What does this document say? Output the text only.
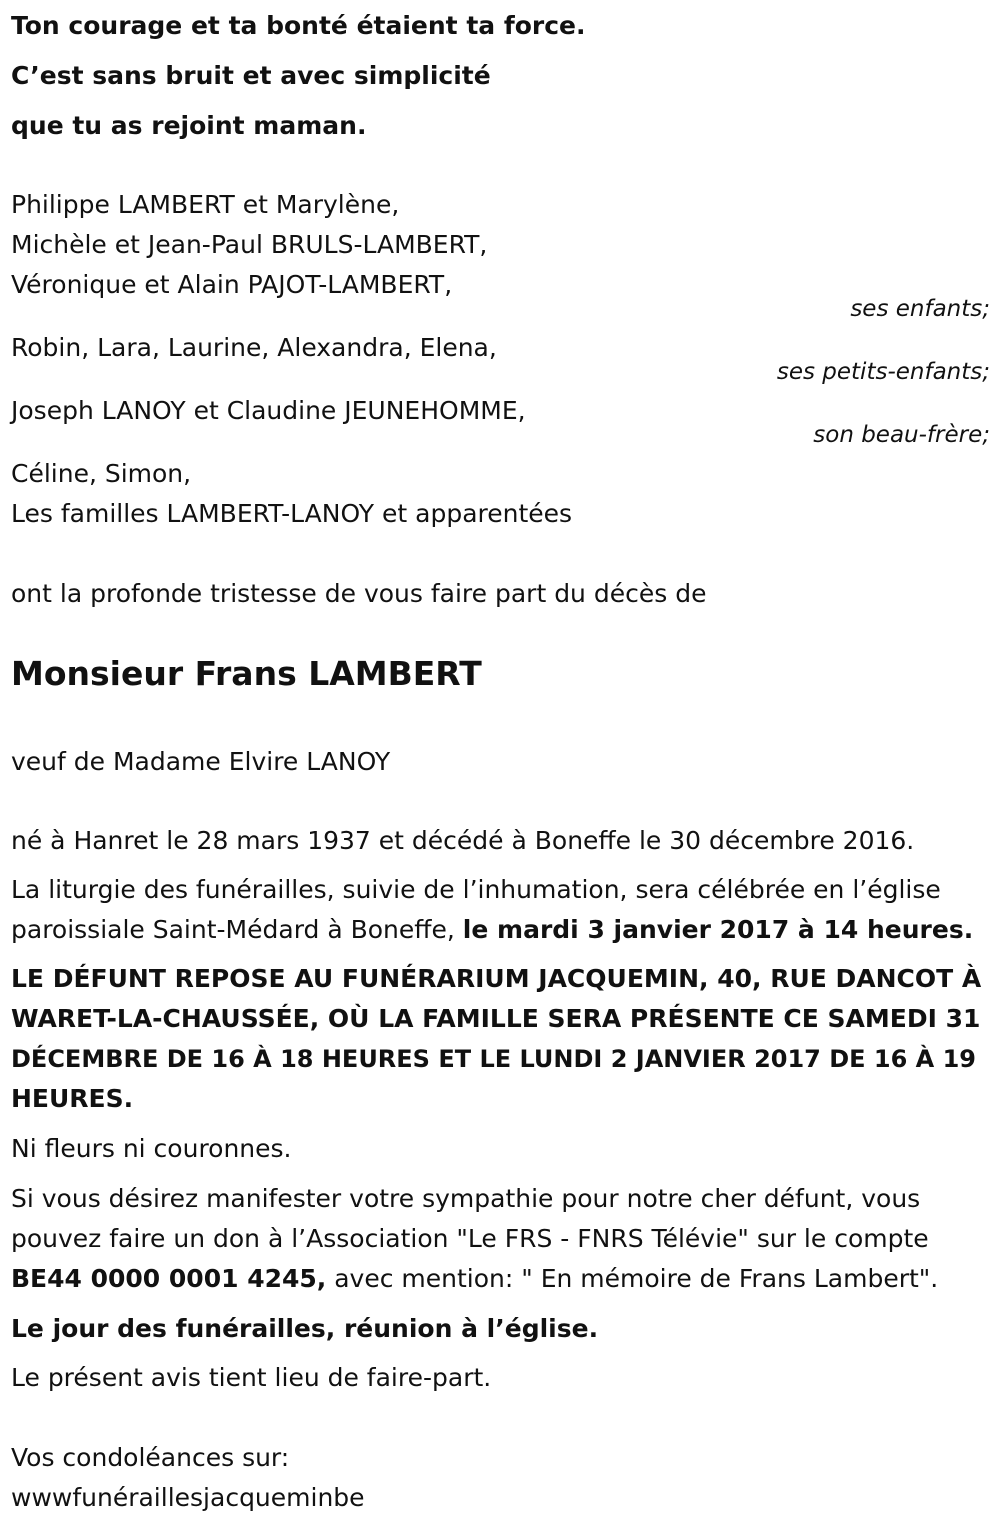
Ton courage et ta bonté étaient ta force.
C’est sans bruit et avec simplicité
que tu as rejoint maman.
Philippe LAMBERT et Marylène,
Michèle et Jean-Paul BRULS-LAMBERT,
Véronique et Alain PAJOT-LAMBERT,
ses enfants;
Robin, Lara, Laurine, Alexandra, Elena,
ses petits-enfants;
Joseph LANOY et Claudine JEUNEHOMME,
son beau-frère;
Céline, Simon,
Les familles LAMBERT-LANOY et apparentées
ont la profonde tristesse de vous faire part du décès de
Monsieur Frans LAMBERT
veuf de Madame Elvire LANOY
né à Hanret le 28 mars 1937 et décédé à Boneffe le 30 décembre 2016.
La liturgie des funérailles, suivie de l’inhumation, sera célébrée en l’église
paroissiale Saint-Médard à Boneffe, le mardi 3 janvier 2017 à 14 heures.
LE DÉFUNT REPOSE AU FUNÉRARIUM JACQUEMIN, 40, RUE DANCOT À
WARET-LA-CHAUSSÉE, OÙ LA FAMILLE SERA PRÉSENTE CE SAMEDI 31
DÉCEMBRE DE 16 À 18 HEURES ET LE LUNDI 2 JANVIER 2017 DE 16 À 19
HEURES.
Ni fleurs ni couronnes.
Si vous désirez manifester votre sympathie pour notre cher défunt, vous
pouvez faire un don à l’Association "Le FRS - FNRS Télévie" sur le compte
BE44 0000 0001 4245, avec mention: " En mémoire de Frans Lambert".
Le jour des funérailles, réunion à l’église.
Le présent avis tient lieu de faire-part.
Vos condoléances sur:
wwwfunéraillesjacqueminbe
